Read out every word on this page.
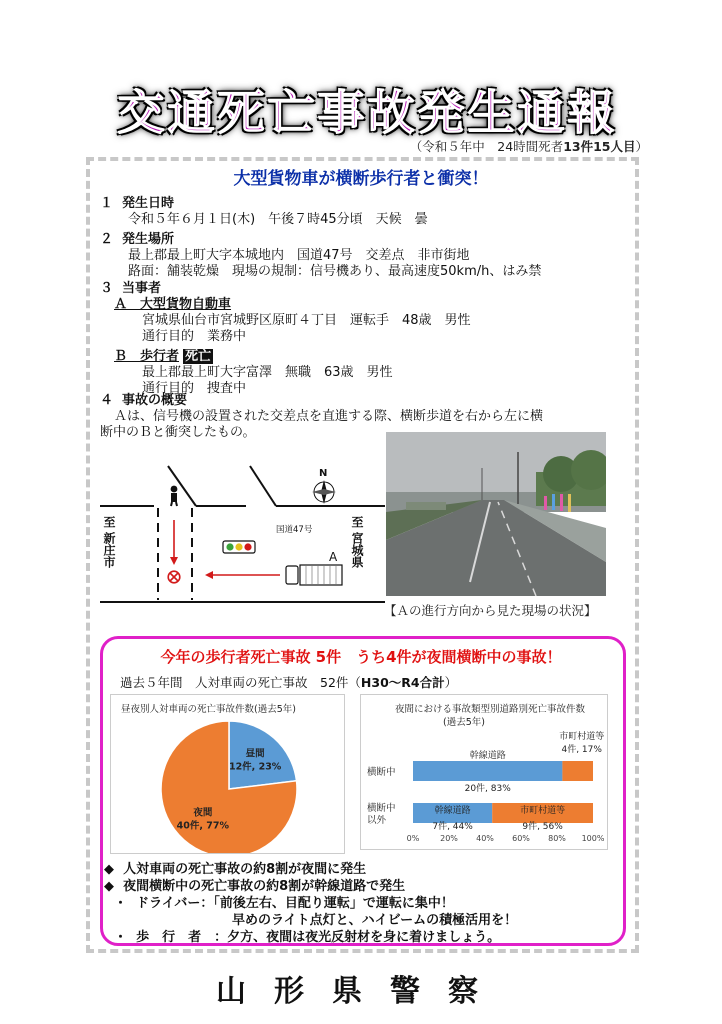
交通死亡事故発生通報
（令和５年中　24時間死者13件15人目）
大型貨物車が横断歩行者と衝突！
１ 発生日時
令和５年６月１日(木)　午後７時45分頃　天候　曇
２ 発生場所
最上郡最上町大字本城地内　国道47号　交差点　非市街地
路面：舗装乾燥　現場の規制：信号機あり、最高速度50km/h、はみ禁
３ 当事者
Ａ　大型貨物自動車
宮城県仙台市宮城野区原町４丁目　運転手　48歳　男性
通行目的　業務中
Ｂ　歩行者 死亡
最上郡最上町大字富澤　無職　63歳　男性
通行目的　捜査中
４ 事故の概要
Ａは、信号機の設置された交差点を直進する際、横断歩道を右から左に横
断中のＢと衝突したもの。
A
国道47号
N
至 新庄市	至 宮城県
【Ａの進行方向から見た現場の状況】
今年の歩行者死亡事故 5件　うち4件が夜間横断中の事故！
過去５年間　人対車両の死亡事故　52件（H30～R4合計）
昼夜別人対車両の死亡事故件数(過去5年)
昼間
12件, 23%
夜間
40件, 77%
夜間における事故類型別道路別死亡事故件数
(過去5年)
横断中
横断中
以外
幹線道路
20件, 83%
市町村道等
4件, 17%
幹線道路
7件, 44%
市町村道等
9件, 56%
0%	20% 40% 60% 80% 100%
◆ 人対車両の死亡事故の約8割が夜間に発生
◆ 夜間横断中の死亡事故の約8割が幹線道路で発生
・ ドライバー：「前後左右、目配り運転」で運転に集中！
早めのライト点灯と、ハイビームの積極活用を！
・ 歩　行　者　：夕方、夜間は夜光反射材を身に着けましょう。
山形県警察
